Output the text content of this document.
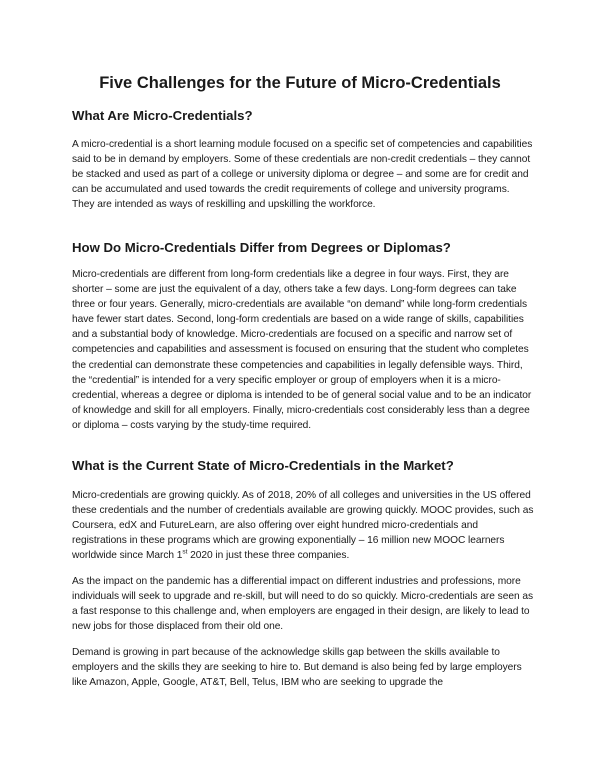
Five Challenges for the Future of Micro-Credentials
What Are Micro-Credentials?

A micro-credential is a short learning module focused on a specific set of competencies and capabilities said to be in demand by employers. Some of these credentials are non-credit credentials – they cannot be stacked and used as part of a college or university diploma or degree – and some are for credit and can be accumulated and used towards the credit requirements of college and university programs. They are intended as ways of reskilling and upskilling the workforce.

How Do Micro-Credentials Differ from Degrees or Diplomas?

Micro-credentials are different from long-form credentials like a degree in four ways. First, they are shorter – some are just the equivalent of a day, others take a few days. Long-form degrees can take three or four years. Generally, micro-credentials are available “on demand” while long-form credentials have fewer start dates. Second, long-form credentials are based on a wide range of skills, capabilities and a substantial body of knowledge. Micro-credentials are focused on a specific and narrow set of competencies and capabilities and assessment is focused on ensuring that the student who completes the credential can demonstrate these competencies and capabilities in legally defensible ways. Third, the “credential” is intended for a very specific employer or group of employers when it is a micro-credential, whereas a degree or diploma is intended to be of general social value and to be an indicator of knowledge and skill for all employers. Finally, micro-credentials cost considerably less than a degree or diploma – costs varying by the study-time required.

What is the Current State of Micro-Credentials in the Market?

Micro-credentials are growing quickly. As of 2018, 20% of all colleges and universities in the US offered these credentials and the number of credentials available are growing quickly. MOOC provides, such as Coursera, edX and FutureLearn, are also offering over eight hundred micro-credentials and registrations in these programs which are growing exponentially – 16 million new MOOC learners worldwide since March 1st 2020 in just these three companies.

As the impact on the pandemic has a differential impact on different industries and professions, more individuals will seek to upgrade and re-skill, but will need to do so quickly. Micro-credentials are seen as a fast response to this challenge and, when employers are engaged in their design, are likely to lead to new jobs for those displaced from their old one.

Demand is growing in part because of the acknowledge skills gap between the skills available to employers and the skills they are seeking to hire to. But demand is also being fed by large employers like Amazon, Apple, Google, AT&T, Bell, Telus, IBM who are seeking to upgrade the
